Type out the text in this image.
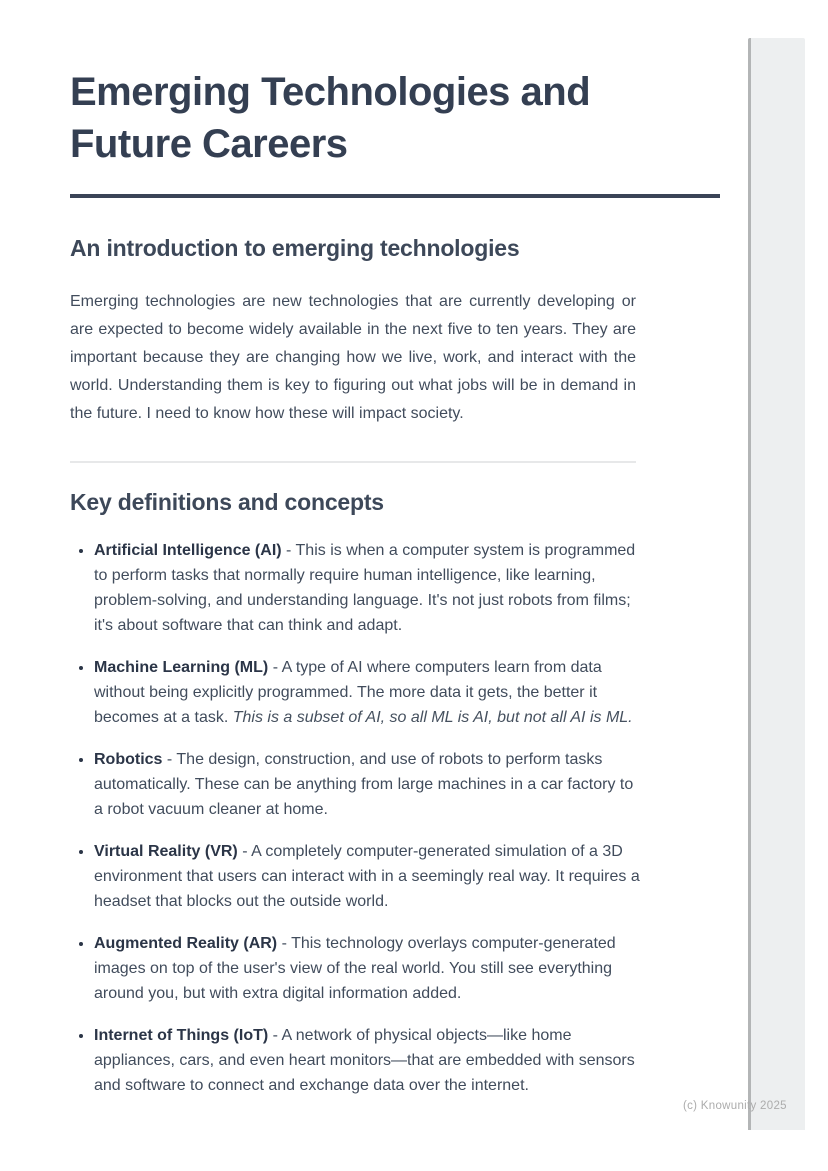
Emerging Technologies and Future Careers
An introduction to emerging technologies

Emerging technologies are new technologies that are currently developing or are expected to become widely available in the next five to ten years. They are important because they are changing how we live, work, and interact with the world. Understanding them is key to figuring out what jobs will be in demand in the future. I need to know how these will impact society.

Key definitions and concepts
• Artificial Intelligence (AI) - This is when a computer system is programmed to perform tasks that normally require human intelligence, like learning, problem-solving, and understanding language. It's not just robots from films; it's about software that can think and adapt.
• Machine Learning (ML) - A type of AI where computers learn from data without being explicitly programmed. The more data it gets, the better it becomes at a task. This is a subset of AI, so all ML is AI, but not all AI is ML.
• Robotics - The design, construction, and use of robots to perform tasks automatically. These can be anything from large machines in a car factory to a robot vacuum cleaner at home.
• Virtual Reality (VR) - A completely computer-generated simulation of a 3D environment that users can interact with in a seemingly real way. It requires a headset that blocks out the outside world.
• Augmented Reality (AR) - This technology overlays computer-generated images on top of the user's view of the real world. You still see everything around you, but with extra digital information added.
• Internet of Things (IoT) - A network of physical objects—like home appliances, cars, and even heart monitors—that are embedded with sensors and software to connect and exchange data over the internet.
(c) Knowunity 2025
